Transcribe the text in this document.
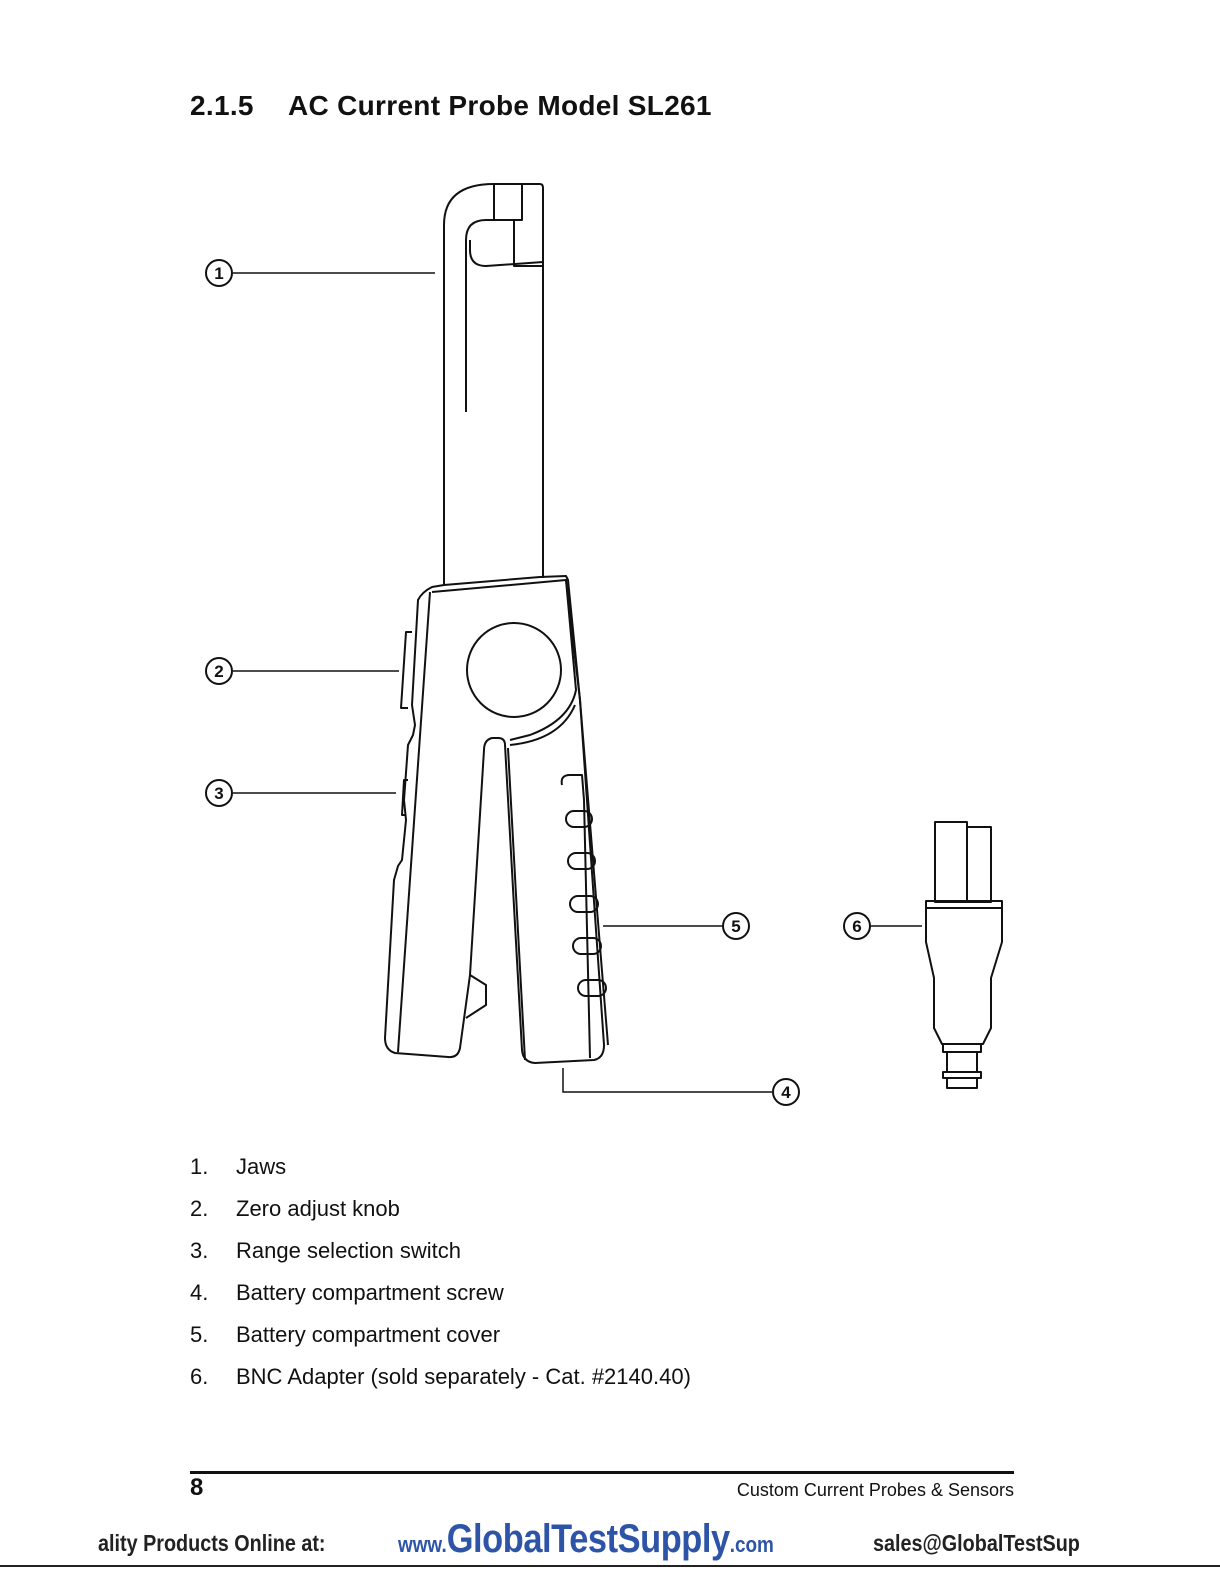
2.1.5 AC Current Probe Model SL261
1
2
3
4
5	6
1. Jaws
2. Zero adjust knob
3. Range selection switch
4. Battery compartment screw
5. Battery compartment cover
6. BNC Adapter (sold separately - Cat. #2140.40)
8	Custom Current Probes & Sensors
ality Products Online at:	www.GlobalTestSupply.com	sales@GlobalTestSup
